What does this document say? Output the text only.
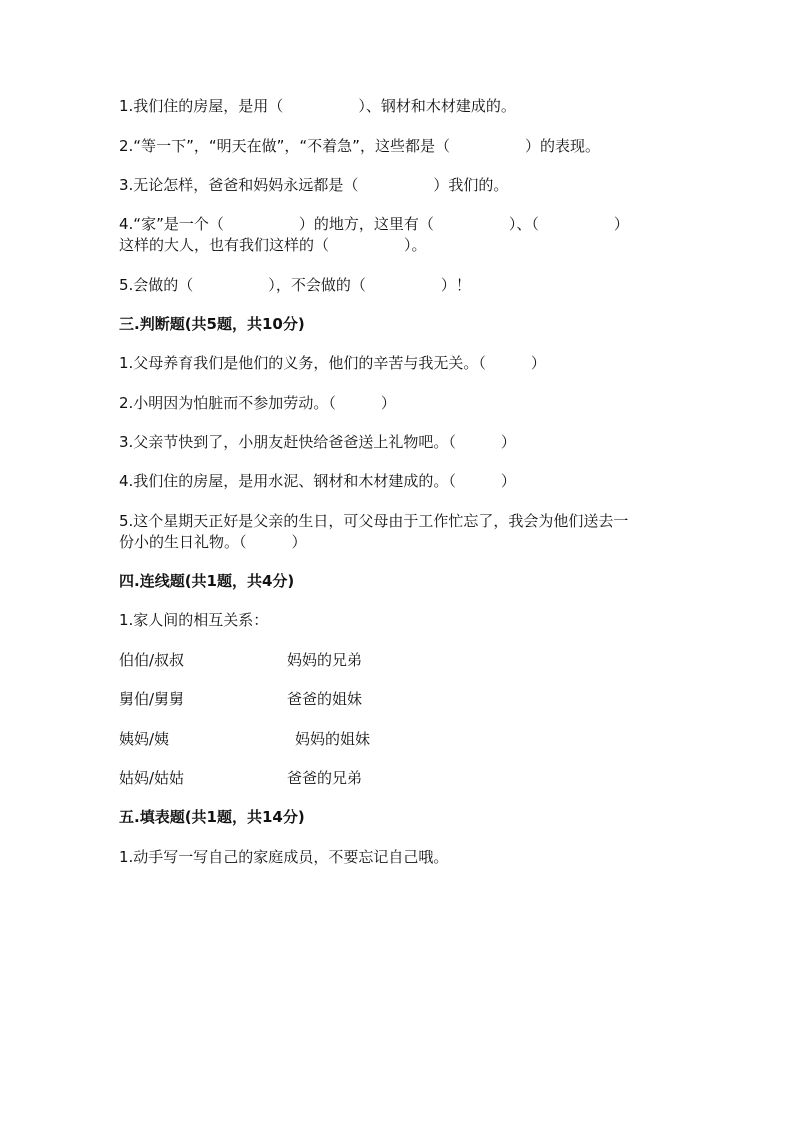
1.我们住的房屋，是用（　　　　　）、钢材和木材建成的。
2.“等一下”，“明天在做”，“不着急”，这些都是（　　　　　）的表现。
3.无论怎样，爸爸和妈妈永远都是（　　　　　）我们的。
4.“家”是一个（　　　　　）的地方，这里有（　　　　　）、（　　　　　）
这样的大人，也有我们这样的（　　　　　）。
5.会做的（　　　　　），不会做的（　　　　　）！
三.判断题(共5题，共10分)
1.父母养育我们是他们的义务，他们的辛苦与我无关。（　　　）
2.小明因为怕脏而不参加劳动。（　　　）
3.父亲节快到了，小朋友赶快给爸爸送上礼物吧。（　　　）
4.我们住的房屋，是用水泥、钢材和木材建成的。（　　　）
5.这个星期天正好是父亲的生日，可父母由于工作忙忘了，我会为他们送去一
份小的生日礼物。（　　　）
四.连线题(共1题，共4分)
1.家人间的相互关系：
伯伯/叔叔	妈妈的兄弟
舅伯/舅舅	爸爸的姐妹
姨妈/姨	妈妈的姐妹
姑妈/姑姑	爸爸的兄弟
五.填表题(共1题，共14分)
1.动手写一写自己的家庭成员，不要忘记自己哦。
